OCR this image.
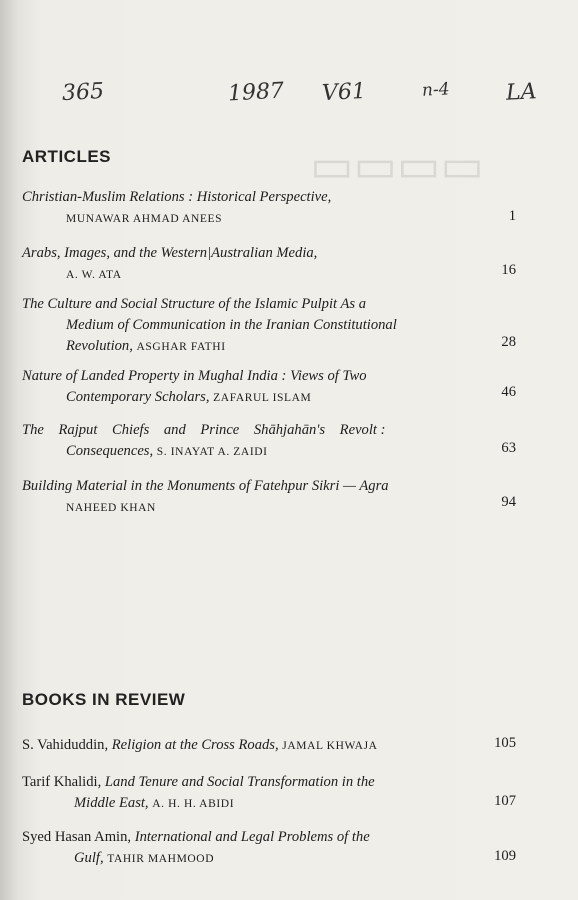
▭▭▭▭
365	1987 V61	n-4	LA
ARTICLES
Christian-Muslim Relations : Historical Perspective,
MUNAWAR AHMAD ANEES	1
Arabs, Images, and the Western|Australian Media,
A. W. ATA	16
The Culture and Social Structure of the Islamic Pulpit As a
Medium of Communication in the Iranian Constitutional
Revolution, ASGHAR FATHI	28
Nature of Landed Property in Mughal India : Views of Two
Contemporary Scholars, ZAFARUL ISLAM	46
The    Rajput    Chiefs    and    Prince    Shāhjahān's    Revolt :
Consequences, S. INAYAT A. ZAIDI	63
Building Material in the Monuments of Fatehpur Sikri — Agra
NAHEED KHAN	94
BOOKS IN REVIEW
S. Vahiduddin, Religion at the Cross Roads, JAMAL KHWAJA	105
Tarif Khalidi, Land Tenure and Social Transformation in the
Middle East, A. H. H. ABIDI	107
Syed Hasan Amin, International and Legal Problems of the
Gulf, TAHIR MAHMOOD	109
